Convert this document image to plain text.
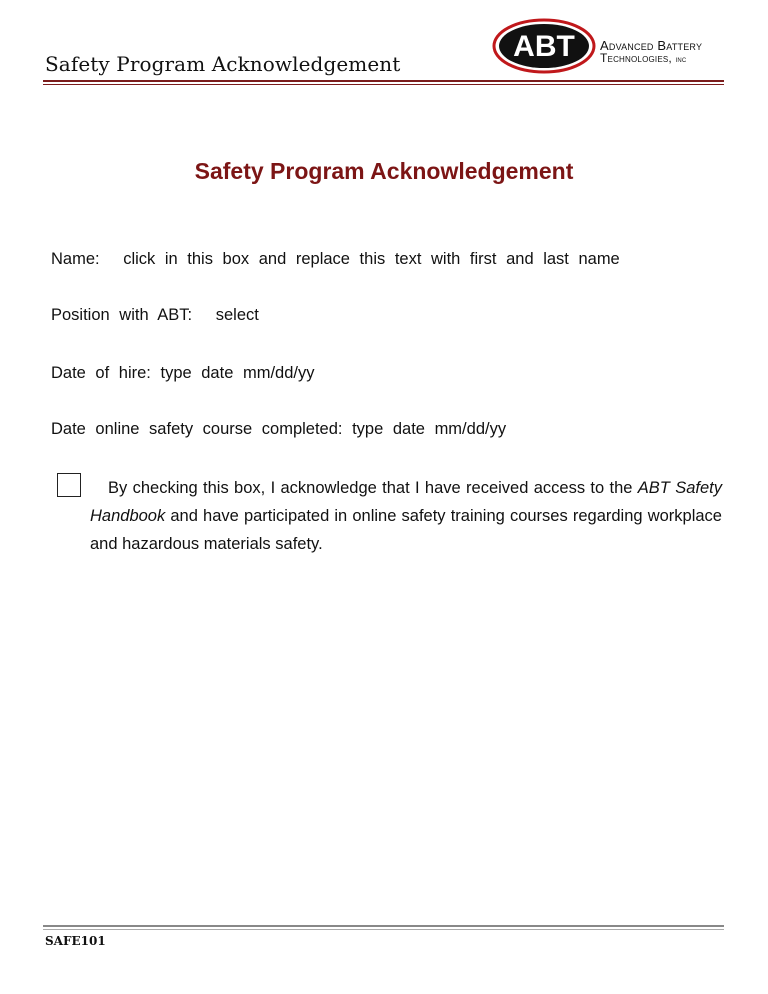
Safety Program Acknowledgement
ABT Advanced Battery
Technologies, inc
Safety Program Acknowledgement
Name: click in this box and replace this text with first and last name
Position with ABT: select
Date of hire: type date mm/dd/yy
Date online safety course completed: type date mm/dd/yy
By checking this box, I acknowledge that I have received access to the ABT Safety Handbook and have participated in online safety training courses regarding workplace and hazardous materials safety.
SAFE101
